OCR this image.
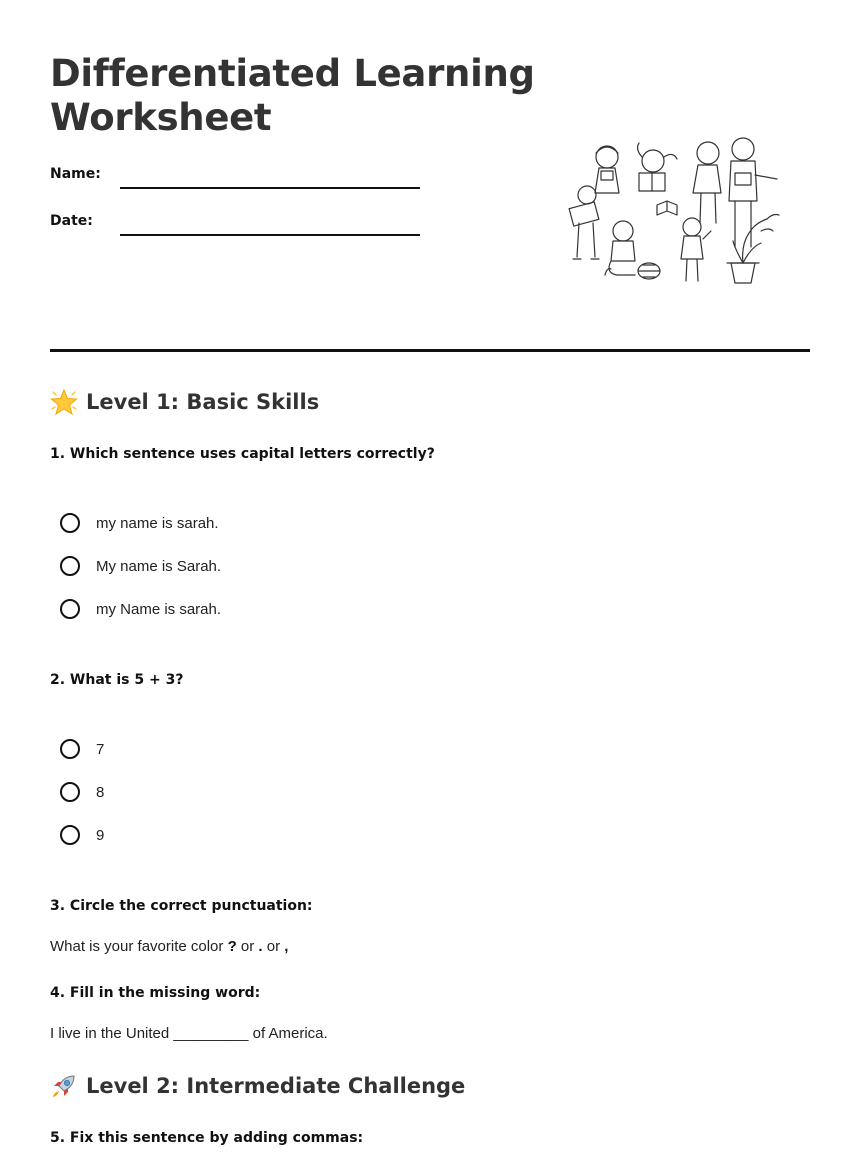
Differentiated Learning Worksheet
Name:
Date:
Level 1: Basic Skills
1. Which sentence uses capital letters correctly?
my name is sarah.
My name is Sarah.
my Name is sarah.
2. What is 5 + 3?
7
8
9
3. Circle the correct punctuation:
What is your favorite color ? or . or ,
4. Fill in the missing word:
I live in the United _________ of America.
Level 2: Intermediate Challenge
5. Fix this sentence by adding commas:
